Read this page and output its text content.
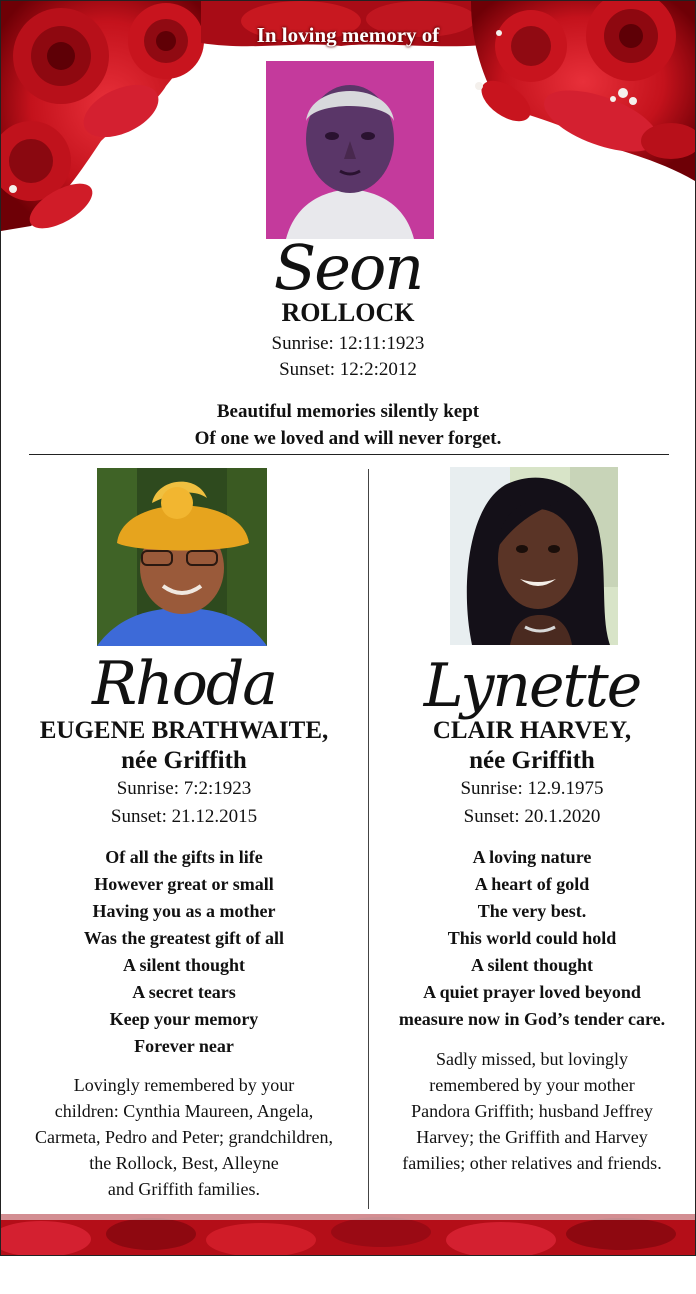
In loving memory of
Seon
ROLLOCK
Sunrise: 12:11:1923
Sunset: 12:2:2012
Beautiful memories silently kept
Of one we loved and will never forget.
Rhoda
EUGENE BRATHWAITE,
née Griffith
Sunrise: 7:2:1923
Sunset: 21.12.2015
Of all the gifts in life
However great or small
Having you as a mother
Was the greatest gift of all
A silent thought
A secret tears
Keep your memory
Forever near
Lovingly remembered by your
children: Cynthia Maureen, Angela,
Carmeta, Pedro and Peter; grandchildren,
the Rollock, Best, Alleyne
and Griffith families.
Lynette
CLAIR HARVEY,
née Griffith
Sunrise: 12.9.1975
Sunset: 20.1.2020
A loving nature
A heart of gold
The very best.
This world could hold
A silent thought
A quiet prayer loved beyond
measure now in God’s tender care.
Sadly missed, but lovingly
remembered by your mother
Pandora Griffith; husband Jeffrey
Harvey; the Griffith and Harvey
families; other relatives and friends.
